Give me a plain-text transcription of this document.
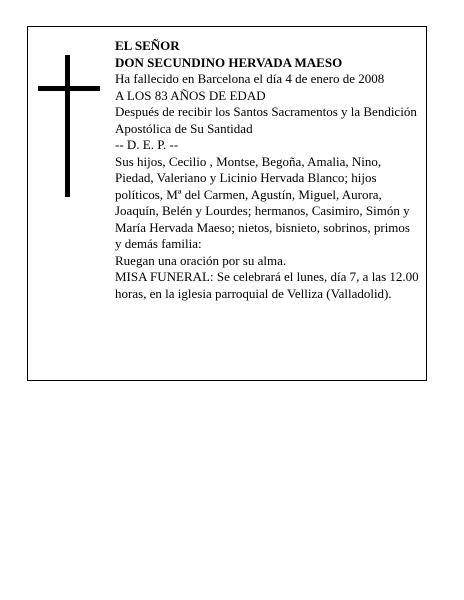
EL SEÑOR

DON SECUNDINO HERVADA MAESO

Ha fallecido en Barcelona el día 4 de enero de 2008

A LOS 83 AÑOS DE EDAD

Después de recibir los Santos Sacramentos y la Bendición Apostólica de Su Santidad

-- D. E. P. --

Sus hijos, Cecilio , Montse, Begoña, Amalia, Nino, Piedad, Valeriano y Licinio Hervada Blanco; hijos políticos, Mª del Carmen, Agustín, Miguel, Aurora, Joaquín, Belén y Lourdes; hermanos, Casimiro, Simón y María Hervada Maeso; nietos, bisnieto, sobrinos, primos y demás familia:

Ruegan una oración por su alma.

MISA FUNERAL: Se celebrará el lunes, día 7, a las 12.00 horas, en la iglesia parroquial de Velliza (Valladolid).
